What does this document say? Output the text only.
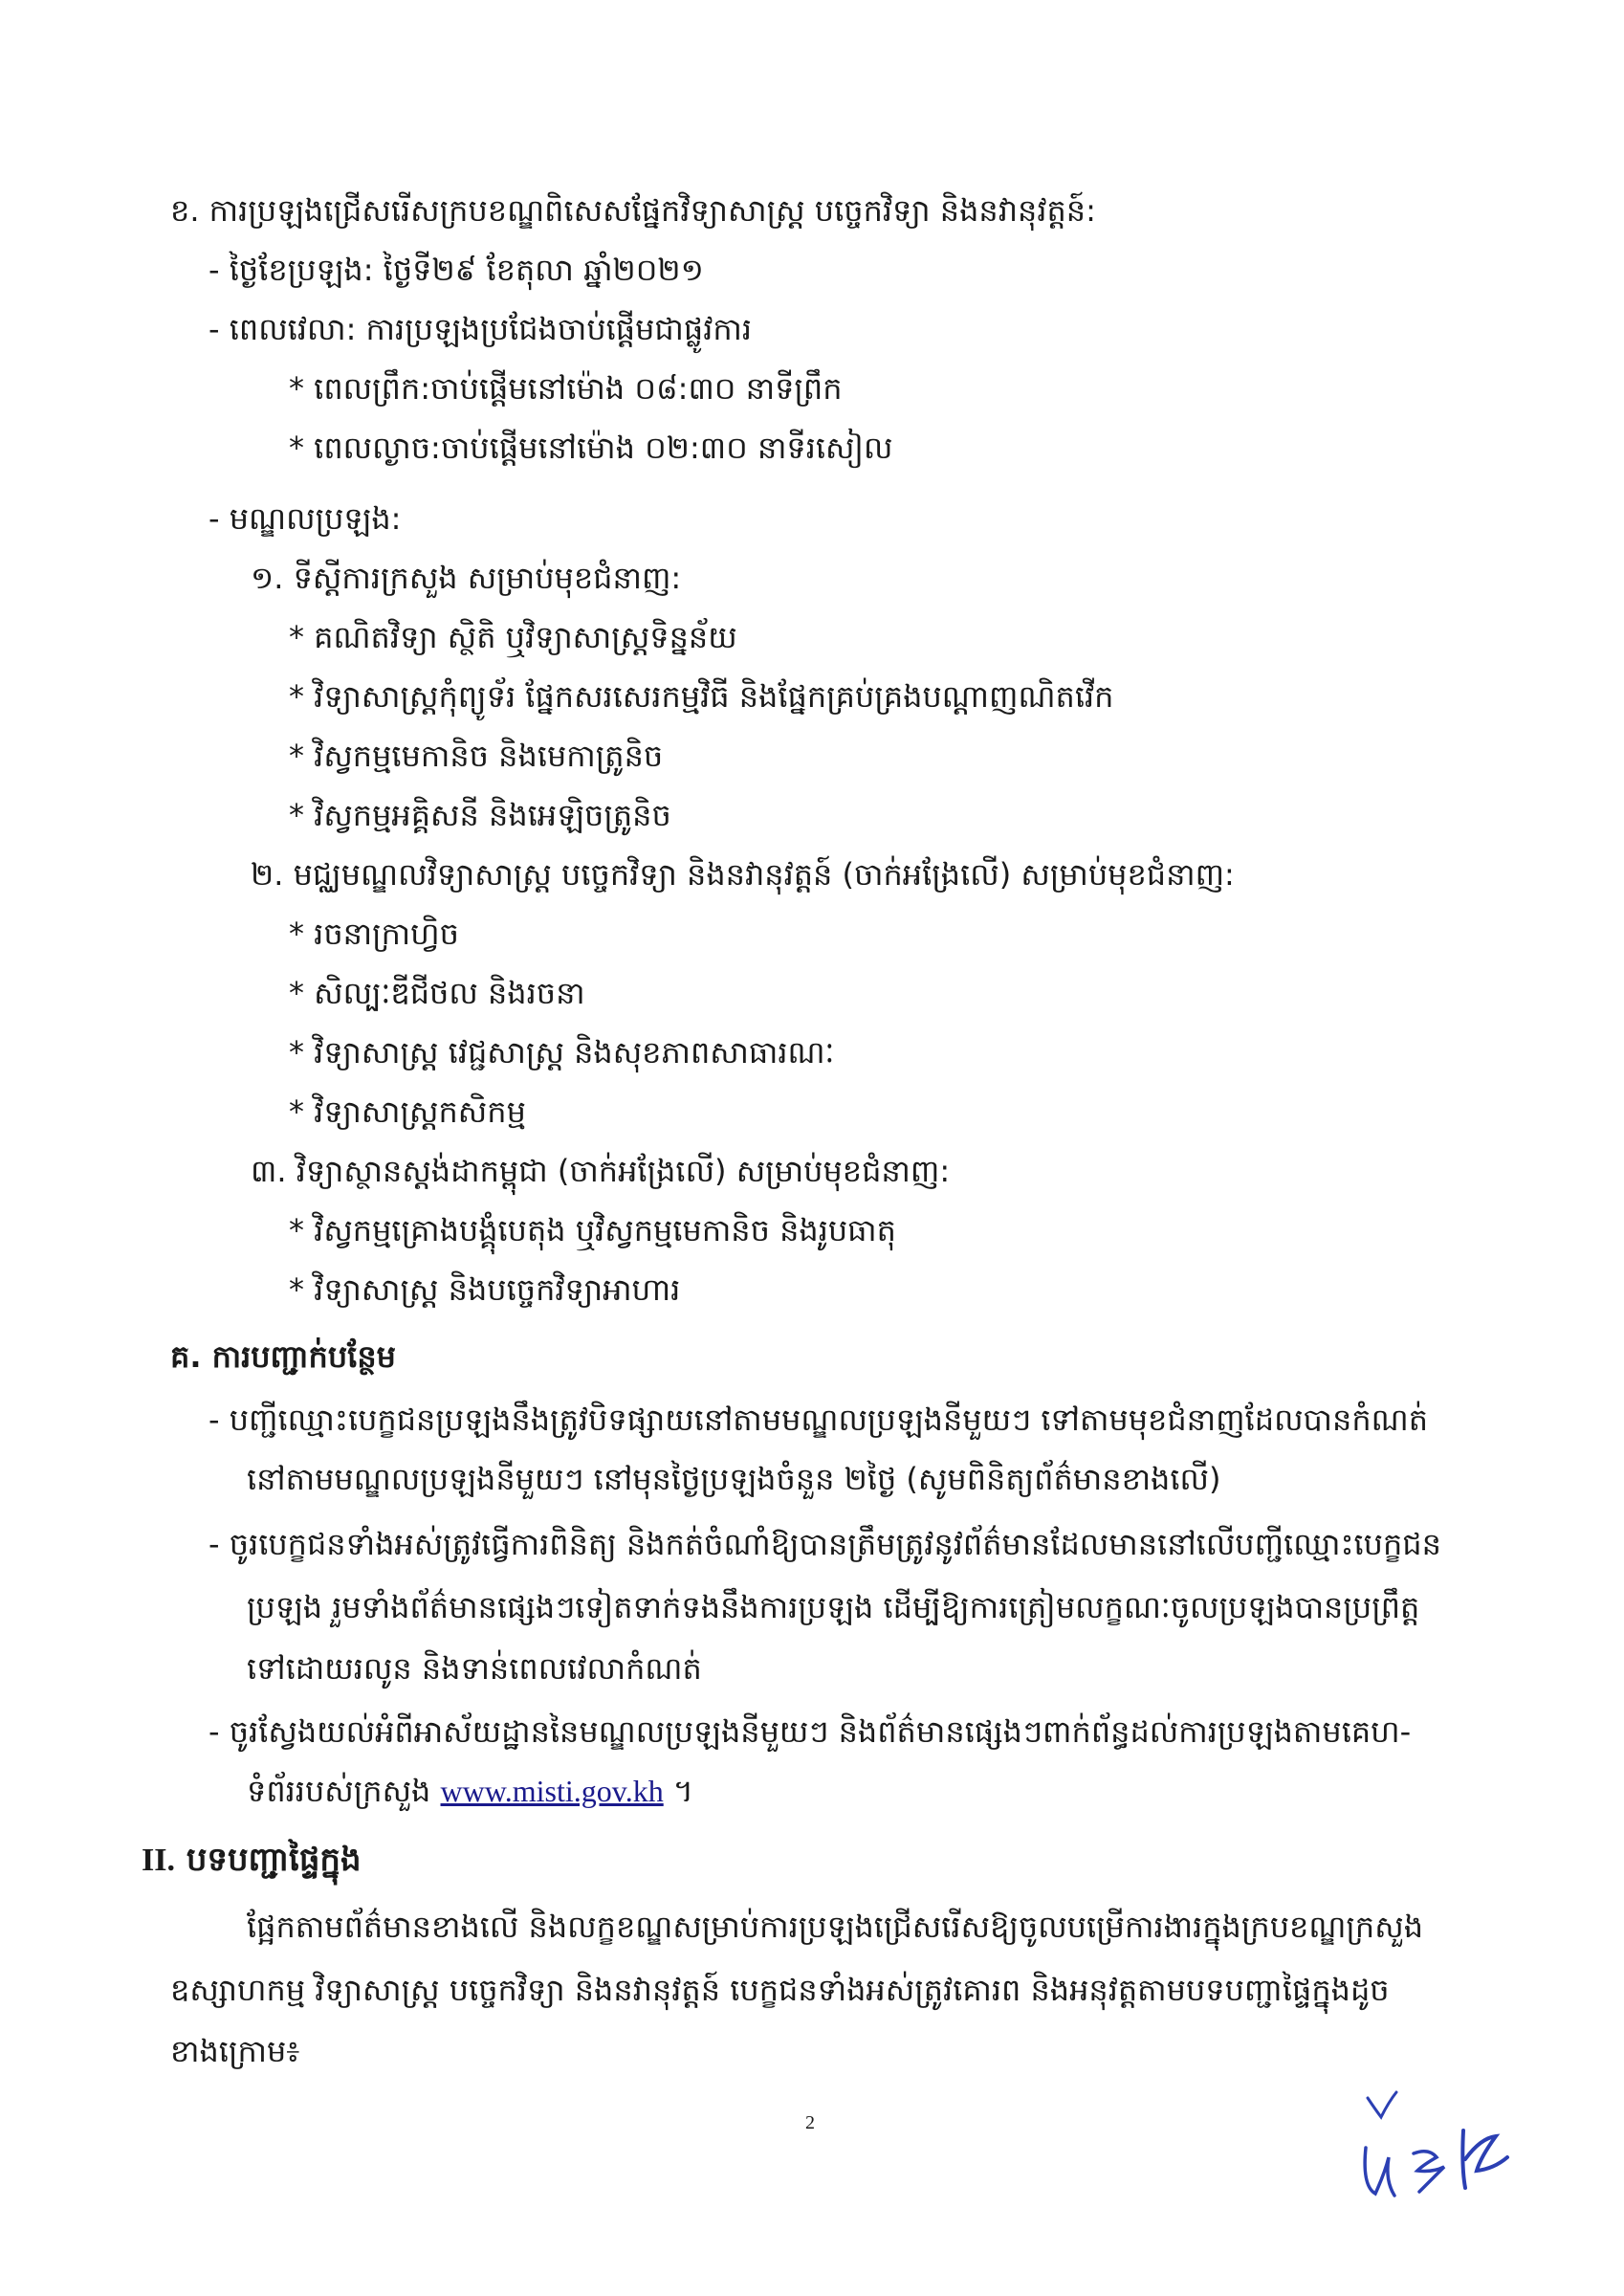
ខ. ការប្រឡងជ្រើសរើសក្របខណ្ឌពិសេសផ្នែកវិទ្យាសាស្ត្រ បច្ចេកវិទ្យា និងនវានុវត្តន៍:
- ថ្ងៃខែប្រឡង: ថ្ងៃទី២៩ ខែតុលា ឆ្នាំ២០២១
- ពេលវេលា: ការប្រឡងប្រជែងចាប់ផ្តើមជាផ្លូវការ
* ពេលព្រឹក:ចាប់ផ្តើមនៅម៉ោង ០៨:៣០ នាទីព្រឹក
* ពេលល្ងាច:ចាប់ផ្តើមនៅម៉ោង ០២:៣០ នាទីរសៀល
- មណ្ឌលប្រឡង:
១. ទីស្តីការក្រសួង សម្រាប់មុខជំនាញ:
* គណិតវិទ្យា ស្ថិតិ ឬវិទ្យាសាស្ត្រទិន្នន័យ
* វិទ្យាសាស្ត្រកុំព្យូទ័រ ផ្នែកសរសេរកម្មវិធី និងផ្នែកគ្រប់គ្រងបណ្តាញណិតវើក
* វិស្វកម្មមេកានិច និងមេកាត្រូនិច
* វិស្វកម្មអគ្គិសនី និងអេឡិចត្រូនិច
២. មជ្ឈមណ្ឌលវិទ្យាសាស្ត្រ បច្ចេកវិទ្យា និងនវានុវត្តន៍ (ចាក់អង្រែលើ) សម្រាប់មុខជំនាញ:
* រចនាក្រាហ្វិច
* សិល្បៈឌីជីថល និងរចនា
* វិទ្យាសាស្ត្រ វេជ្ជសាស្ត្រ និងសុខភាពសាធារណៈ
* វិទ្យាសាស្ត្រកសិកម្ម
៣. វិទ្យាស្ថានស្តង់ដាកម្ពុជា (ចាក់អង្រែលើ) សម្រាប់មុខជំនាញ:
* វិស្វកម្មគ្រោងបង្គុំបេតុង ឬវិស្វកម្មមេកានិច និងរូបធាតុ
* វិទ្យាសាស្ត្រ និងបច្ចេកវិទ្យាអាហារ
គ. ការបញ្ជាក់បន្ថែម
- បញ្ជីឈ្មោះបេក្ខជនប្រឡងនឹងត្រូវបិទផ្សាយនៅតាមមណ្ឌលប្រឡងនីមួយៗ ទៅតាមមុខជំនាញដែលបានកំណត់
នៅតាមមណ្ឌលប្រឡងនីមួយៗ នៅមុនថ្ងៃប្រឡងចំនួន ២ថ្ងៃ (សូមពិនិត្យព័ត៌មានខាងលើ)
- ចូរបេក្ខជនទាំងអស់ត្រូវធ្វើការពិនិត្យ និងកត់ចំណាំឱ្យបានត្រឹមត្រូវនូវព័ត៌មានដែលមាននៅលើបញ្ជីឈ្មោះបេក្ខជន
ប្រឡង រួមទាំងព័ត៌មានផ្សេងៗទៀតទាក់ទងនឹងការប្រឡង ដើម្បីឱ្យការត្រៀមលក្ខណៈចូលប្រឡងបានប្រព្រឹត្ត
ទៅដោយរលូន និងទាន់ពេលវេលាកំណត់
- ចូរស្វែងយល់អំពីអាស័យដ្ឋាននៃមណ្ឌលប្រឡងនីមួយៗ និងព័ត៌មានផ្សេងៗពាក់ព័ន្ធដល់ការប្រឡងតាមគេហ-
ទំព័ររបស់ក្រសួង www.misti.gov.kh ។
II. បទបញ្ជាផ្ទៃក្នុង
ផ្អែកតាមព័ត៌មានខាងលើ និងលក្ខខណ្ឌសម្រាប់ការប្រឡងជ្រើសរើសឱ្យចូលបម្រើការងារក្នុងក្របខណ្ឌក្រសួង
ឧស្សាហកម្ម វិទ្យាសាស្ត្រ បច្ចេកវិទ្យា និងនវានុវត្តន៍ បេក្ខជនទាំងអស់ត្រូវគោរព និងអនុវត្តតាមបទបញ្ជាផ្ទៃក្នុងដូច
ខាងក្រោម៖
2
